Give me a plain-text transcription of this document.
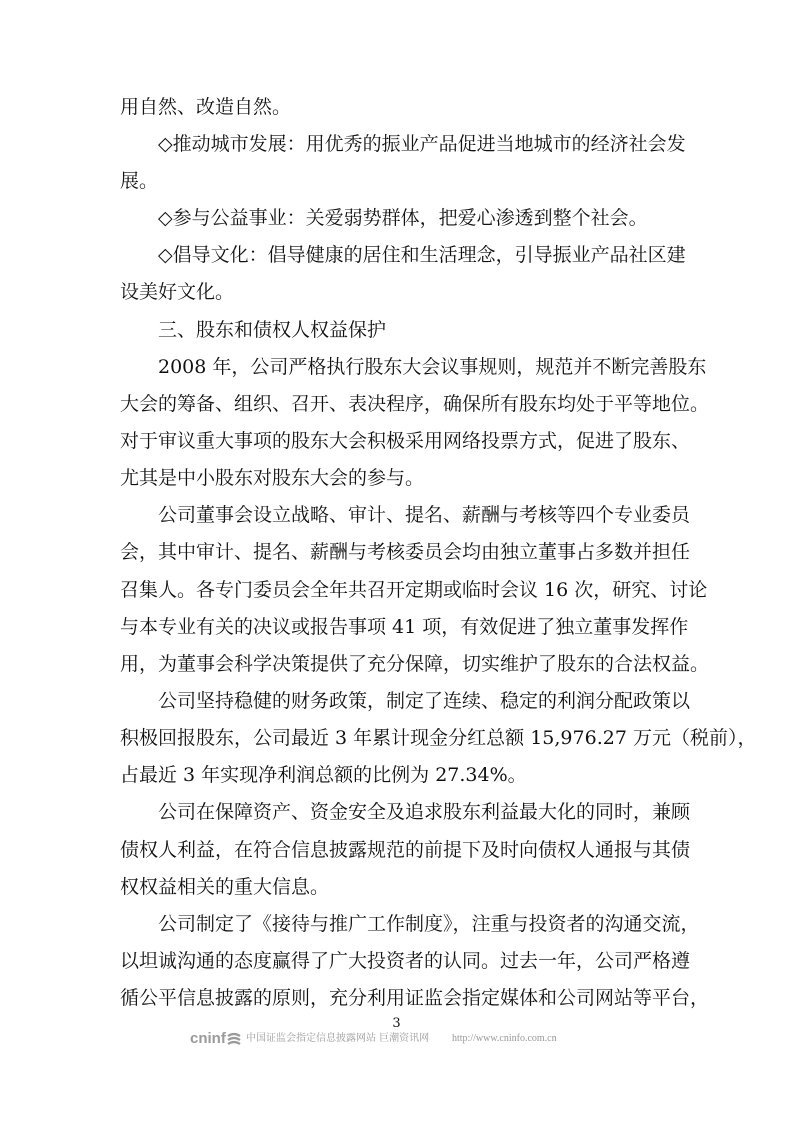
用自然、改造自然。
◇推动城市发展：用优秀的振业产品促进当地城市的经济社会发
展。
◇参与公益事业：关爱弱势群体，把爱心渗透到整个社会。
◇倡导文化：倡导健康的居住和生活理念，引导振业产品社区建
设美好文化。
三、股东和债权人权益保护
2008 年，公司严格执行股东大会议事规则，规范并不断完善股东
大会的筹备、组织、召开、表决程序，确保所有股东均处于平等地位。
对于审议重大事项的股东大会积极采用网络投票方式，促进了股东、
尤其是中小股东对股东大会的参与。
公司董事会设立战略、审计、提名、薪酬与考核等四个专业委员
会，其中审计、提名、薪酬与考核委员会均由独立董事占多数并担任
召集人。各专门委员会全年共召开定期或临时会议 16 次，研究、讨论
与本专业有关的决议或报告事项 41 项，有效促进了独立董事发挥作
用，为董事会科学决策提供了充分保障，切实维护了股东的合法权益。
公司坚持稳健的财务政策，制定了连续、稳定的利润分配政策以
积极回报股东，公司最近 3 年累计现金分红总额 15,976.27 万元（税前），
占最近 3 年实现净利润总额的比例为 27.34%。
公司在保障资产、资金安全及追求股东利益最大化的同时，兼顾
债权人利益，在符合信息披露规范的前提下及时向债权人通报与其债
权权益相关的重大信息。
公司制定了《接待与推广工作制度》，注重与投资者的沟通交流，
以坦诚沟通的态度赢得了广大投资者的认同。过去一年，公司严格遵
循公平信息披露的原则，充分利用证监会指定媒体和公司网站等平台，
3
cninf 中国证监会指定信息披露网站 巨潮资讯网 http://www.cninfo.com.cn
